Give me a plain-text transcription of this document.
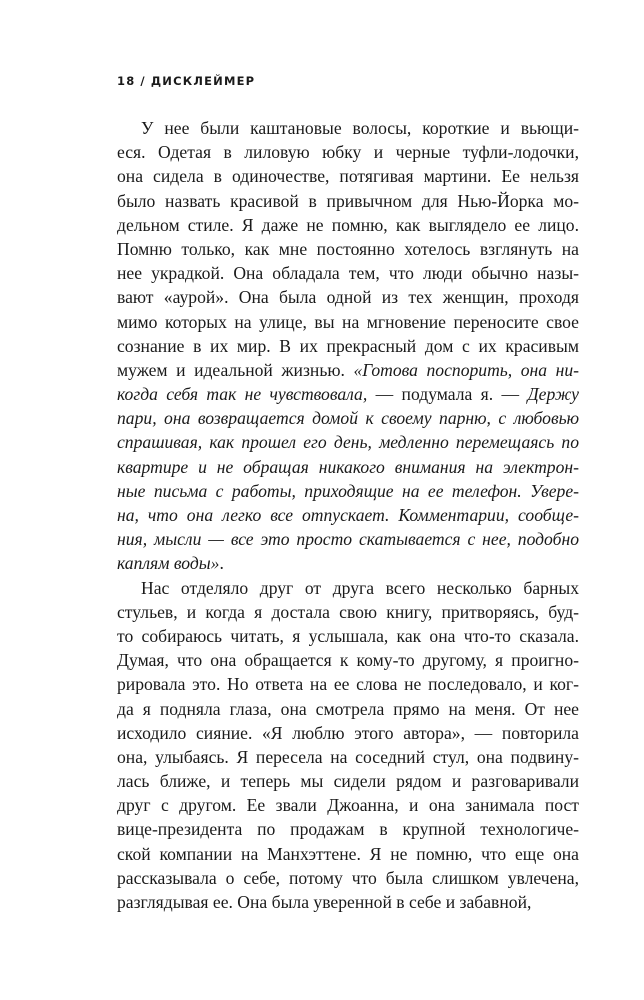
18 / ДИСКЛЕЙМЕР
У нее были каштановые волосы, короткие и вьющи-
еся. Одетая в лиловую юбку и черные туфли-лодочки,
она сидела в одиночестве, потягивая мартини. Ее нельзя
было назвать красивой в привычном для Нью-Йорка мо-
дельном стиле. Я даже не помню, как выглядело ее лицо.
Помню только, как мне постоянно хотелось взглянуть на
нее украдкой. Она обладала тем, что люди обычно назы-
вают «аурой». Она была одной из тех женщин, проходя
мимо которых на улице, вы на мгновение переносите свое
сознание в их мир. В их прекрасный дом с их красивым
мужем и идеальной жизнью. «Готова поспорить, она ни-
когда себя так не чувствовала, — подумала я. — Держу
пари, она возвращается домой к своему парню, с любовью
спрашивая, как прошел его день, медленно перемещаясь по
квартире и не обращая никакого внимания на электрон-
ные письма с работы, приходящие на ее телефон. Увере-
на, что она легко все отпускает. Комментарии, сообще-
ния, мысли — все это просто скатывается с нее, подобно
каплям воды».
Нас отделяло друг от друга всего несколько барных
стульев, и когда я достала свою книгу, притворяясь, буд-
то собираюсь читать, я услышала, как она что-то сказала.
Думая, что она обращается к кому-то другому, я проигно-
рировала это. Но ответа на ее слова не последовало, и ког-
да я подняла глаза, она смотрела прямо на меня. От нее
исходило сияние. «Я люблю этого автора», — повторила
она, улыбаясь. Я пересела на соседний стул, она подвину-
лась ближе, и теперь мы сидели рядом и разговаривали
друг с другом. Ее звали Джоанна, и она занимала пост
вице-президента по продажам в крупной технологиче-
ской компании на Манхэттене. Я не помню, что еще она
рассказывала о себе, потому что была слишком увлечена,
разглядывая ее. Она была уверенной в себе и забавной,
